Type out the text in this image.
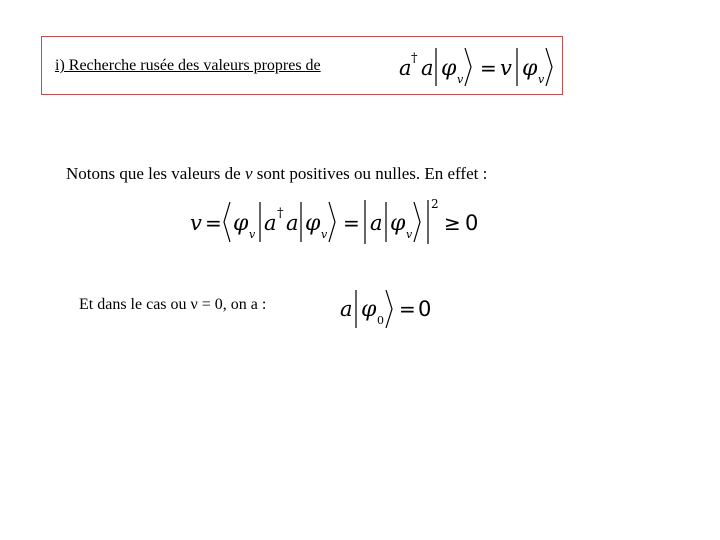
i) Recherche rusée des valeurs propres de	a † a φ v = v φ v
Notons que les valeurs de v sont positives ou nulles. En effet :
v = φ v a † a φ v = a φ v
2
≥ 0
Et dans le cas ou ν = 0, on a :	a φ 0 = 0
